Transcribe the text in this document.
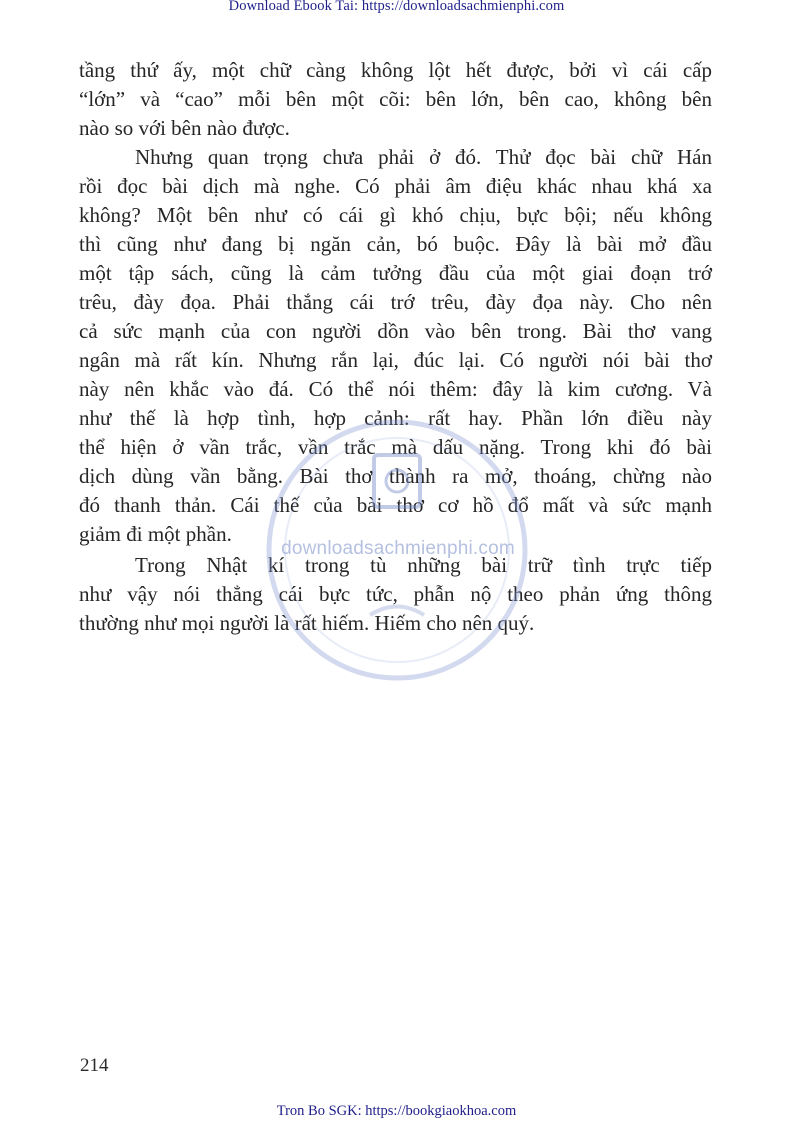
Download Ebook Tai: https://downloadsachmienphi.com
tầng thứ ấy, một chữ càng không lột hết được, bởi vì cái cấp
“lớn” và “cao” mỗi bên một cõi: bên lớn, bên cao, không bên
nào so với bên nào được.
Nhưng quan trọng chưa phải ở đó. Thử đọc bài chữ Hán
rồi đọc bài dịch mà nghe. Có phải âm điệu khác nhau khá xa
không? Một bên như có cái gì khó chịu, bực bội; nếu không
thì cũng như đang bị ngăn cản, bó buộc. Đây là bài mở đầu
một tập sách, cũng là cảm tưởng đầu của một giai đoạn trớ
trêu, đày đọa. Phải thắng cái trớ trêu, đày đọa này. Cho nên
cả sức mạnh của con người dồn vào bên trong. Bài thơ vang
ngân mà rất kín. Nhưng rắn lại, đúc lại. Có người nói bài thơ
này nên khắc vào đá. Có thể nói thêm: đây là kim cương. Và
như thế là hợp tình, hợp cảnh: rất hay. Phần lớn điều này
thể hiện ở vần trắc, vần trắc mà dấu nặng. Trong khi đó bài
dịch dùng vần bằng. Bài thơ thành ra mở, thoáng, chừng nào
đó thanh thản. Cái thế của bài thơ cơ hồ đổ mất và sức mạnh
giảm đi một phần.
Trong Nhật kí trong tù những bài trữ tình trực tiếp
như vậy nói thẳng cái bực tức, phẫn nộ theo phản ứng thông
thường như mọi người là rất hiếm. Hiếm cho nên quý.
downloadsachmienphi.com
214
Tron Bo SGK: https://bookgiaokhoa.com
